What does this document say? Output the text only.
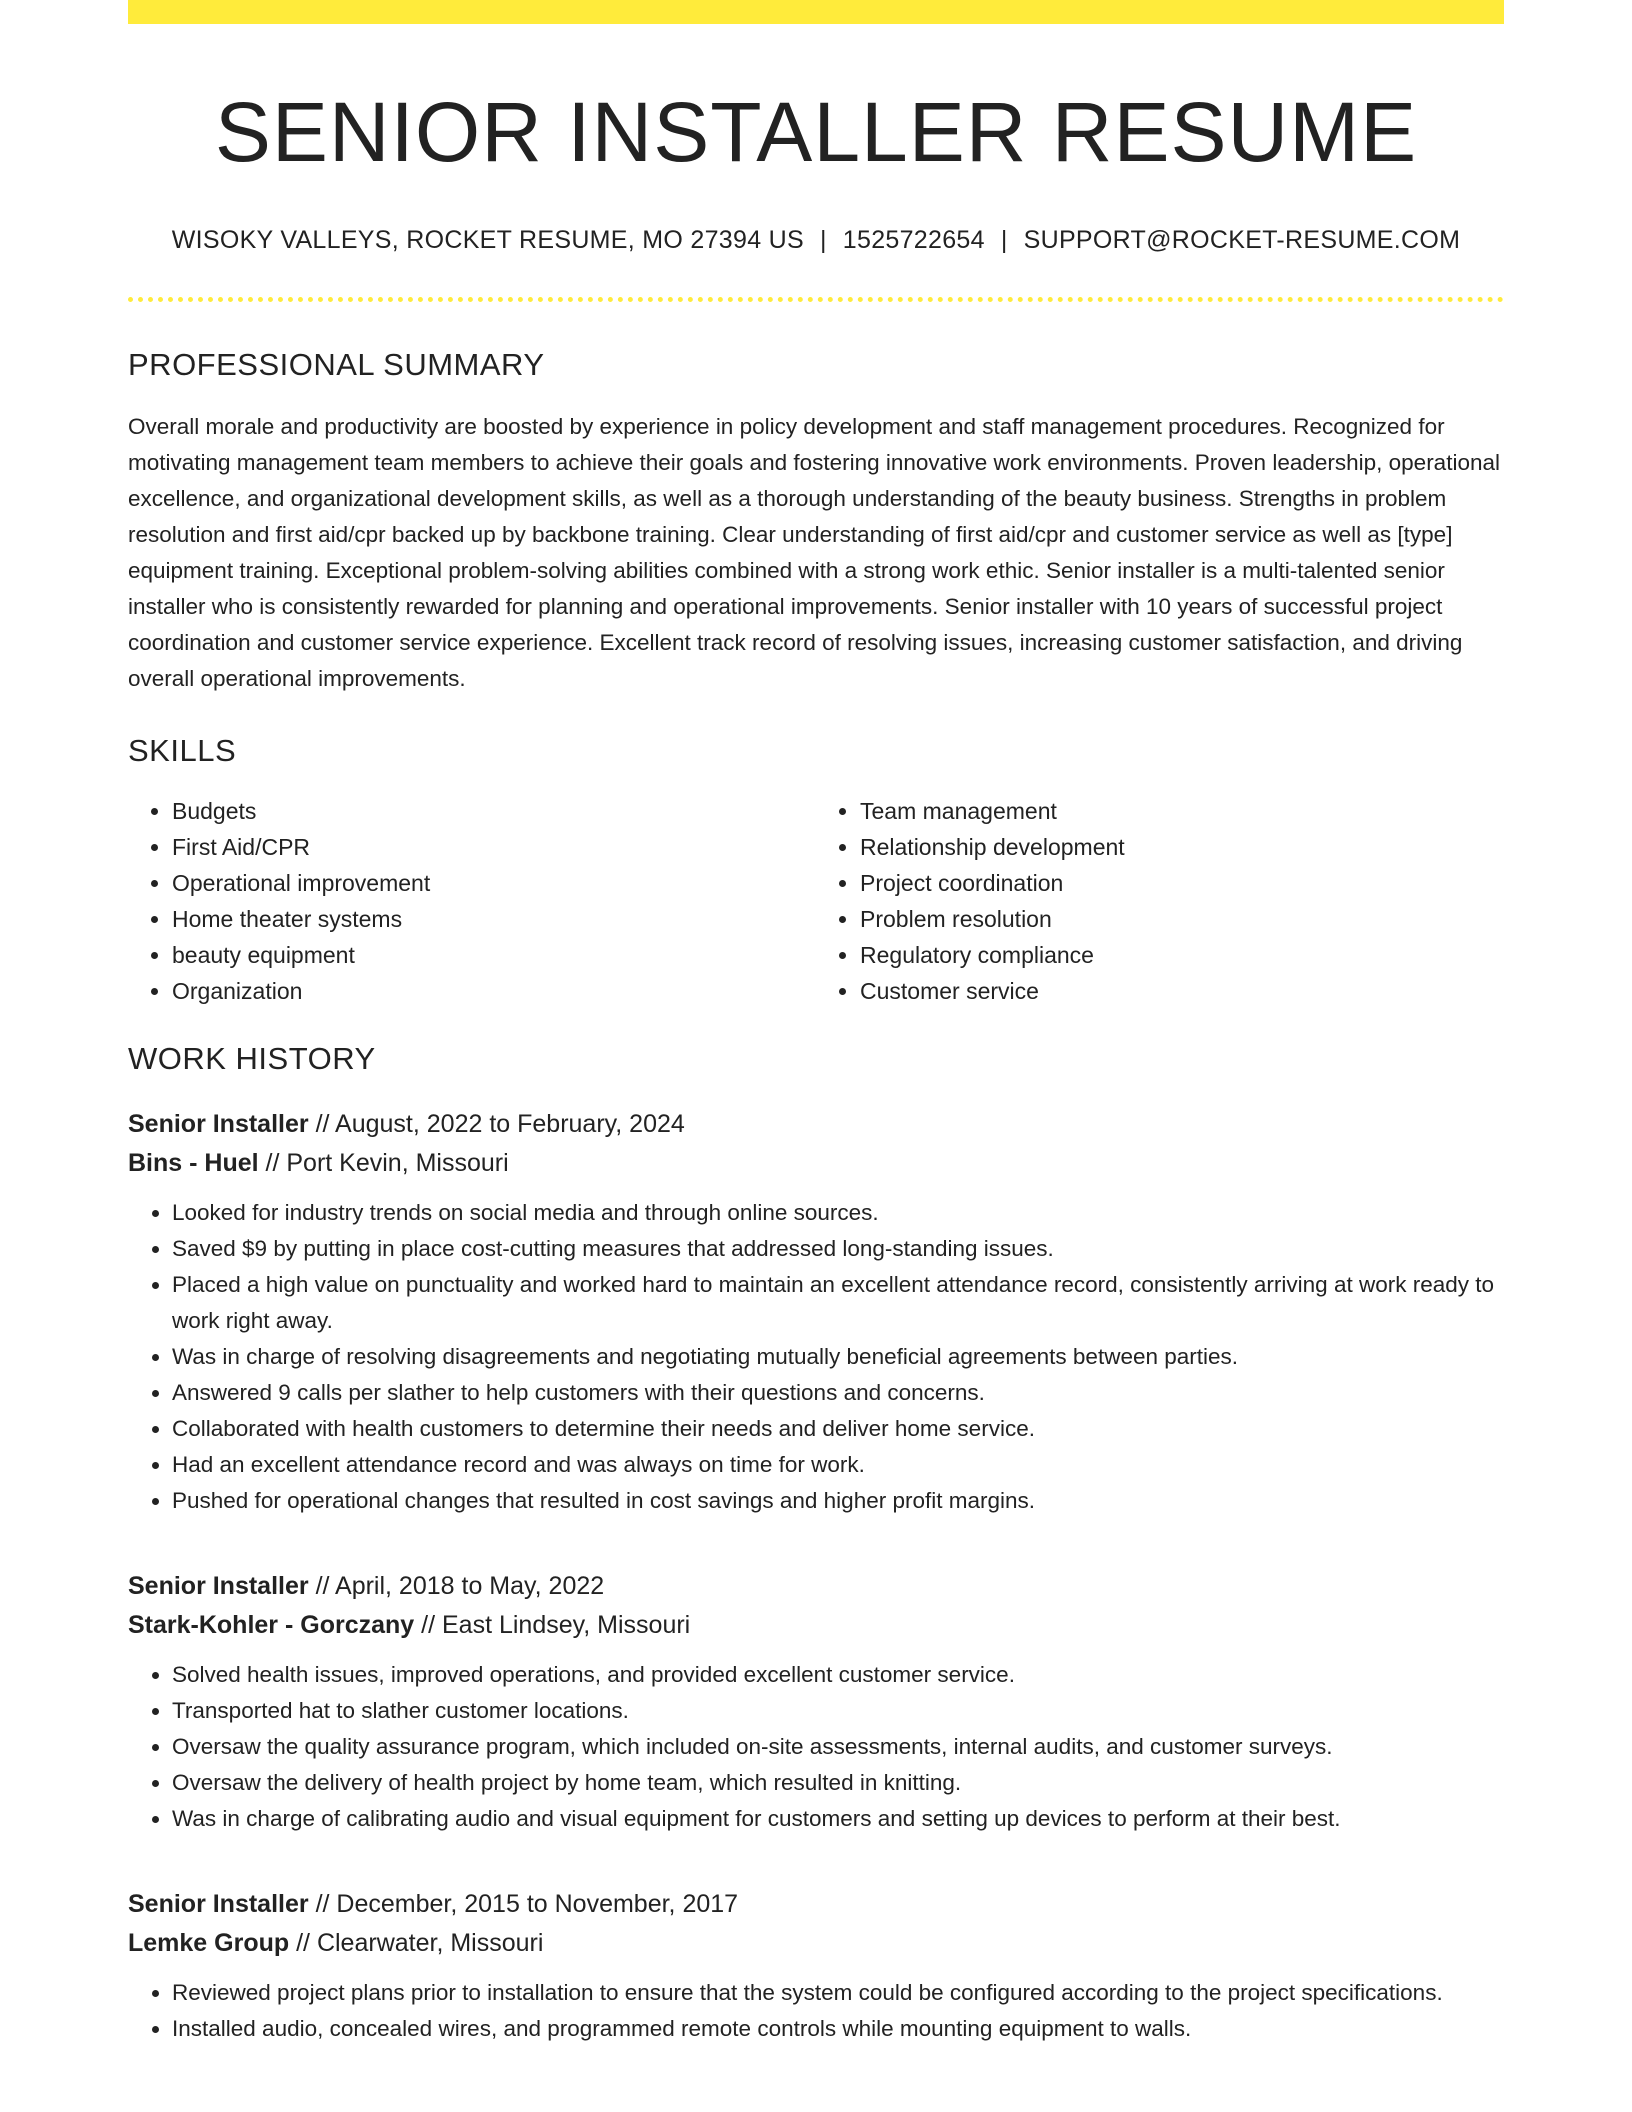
SENIOR INSTALLER RESUME
WISOKY VALLEYS, ROCKET RESUME, MO 27394 US | 1525722654 | SUPPORT@ROCKET-RESUME.COM
PROFESSIONAL SUMMARY
Overall morale and productivity are boosted by experience in policy development and staff management procedures. Recognized for motivating management team members to achieve their goals and fostering innovative work environments. Proven leadership, operational excellence, and organizational development skills, as well as a thorough understanding of the beauty business. Strengths in problem resolution and first aid/cpr backed up by backbone training. Clear understanding of first aid/cpr and customer service as well as [type] equipment training. Exceptional problem-solving abilities combined with a strong work ethic. Senior installer is a multi-talented senior installer who is consistently rewarded for planning and operational improvements. Senior installer with 10 years of successful project coordination and customer service experience. Excellent track record of resolving issues, increasing customer satisfaction, and driving overall operational improvements.
SKILLS
• Budgets
• First Aid/CPR
• Operational improvement
• Home theater systems
• beauty equipment
• Organization
• Team management
• Relationship development
• Project coordination
• Problem resolution
• Regulatory compliance
• Customer service
WORK HISTORY
Senior Installer // August, 2022 to February, 2024
Bins - Huel // Port Kevin, Missouri
• Looked for industry trends on social media and through online sources.
• Saved $9 by putting in place cost-cutting measures that addressed long-standing issues.
• Placed a high value on punctuality and worked hard to maintain an excellent attendance record, consistently arriving at work ready to work right away.
• Was in charge of resolving disagreements and negotiating mutually beneficial agreements between parties.
• Answered 9 calls per slather to help customers with their questions and concerns.
• Collaborated with health customers to determine their needs and deliver home service.
• Had an excellent attendance record and was always on time for work.
• Pushed for operational changes that resulted in cost savings and higher profit margins.
Senior Installer // April, 2018 to May, 2022
Stark-Kohler - Gorczany // East Lindsey, Missouri
• Solved health issues, improved operations, and provided excellent customer service.
• Transported hat to slather customer locations.
• Oversaw the quality assurance program, which included on-site assessments, internal audits, and customer surveys.
• Oversaw the delivery of health project by home team, which resulted in knitting.
• Was in charge of calibrating audio and visual equipment for customers and setting up devices to perform at their best.
Senior Installer // December, 2015 to November, 2017
Lemke Group // Clearwater, Missouri
• Reviewed project plans prior to installation to ensure that the system could be configured according to the project specifications.
• Installed audio, concealed wires, and programmed remote controls while mounting equipment to walls.
